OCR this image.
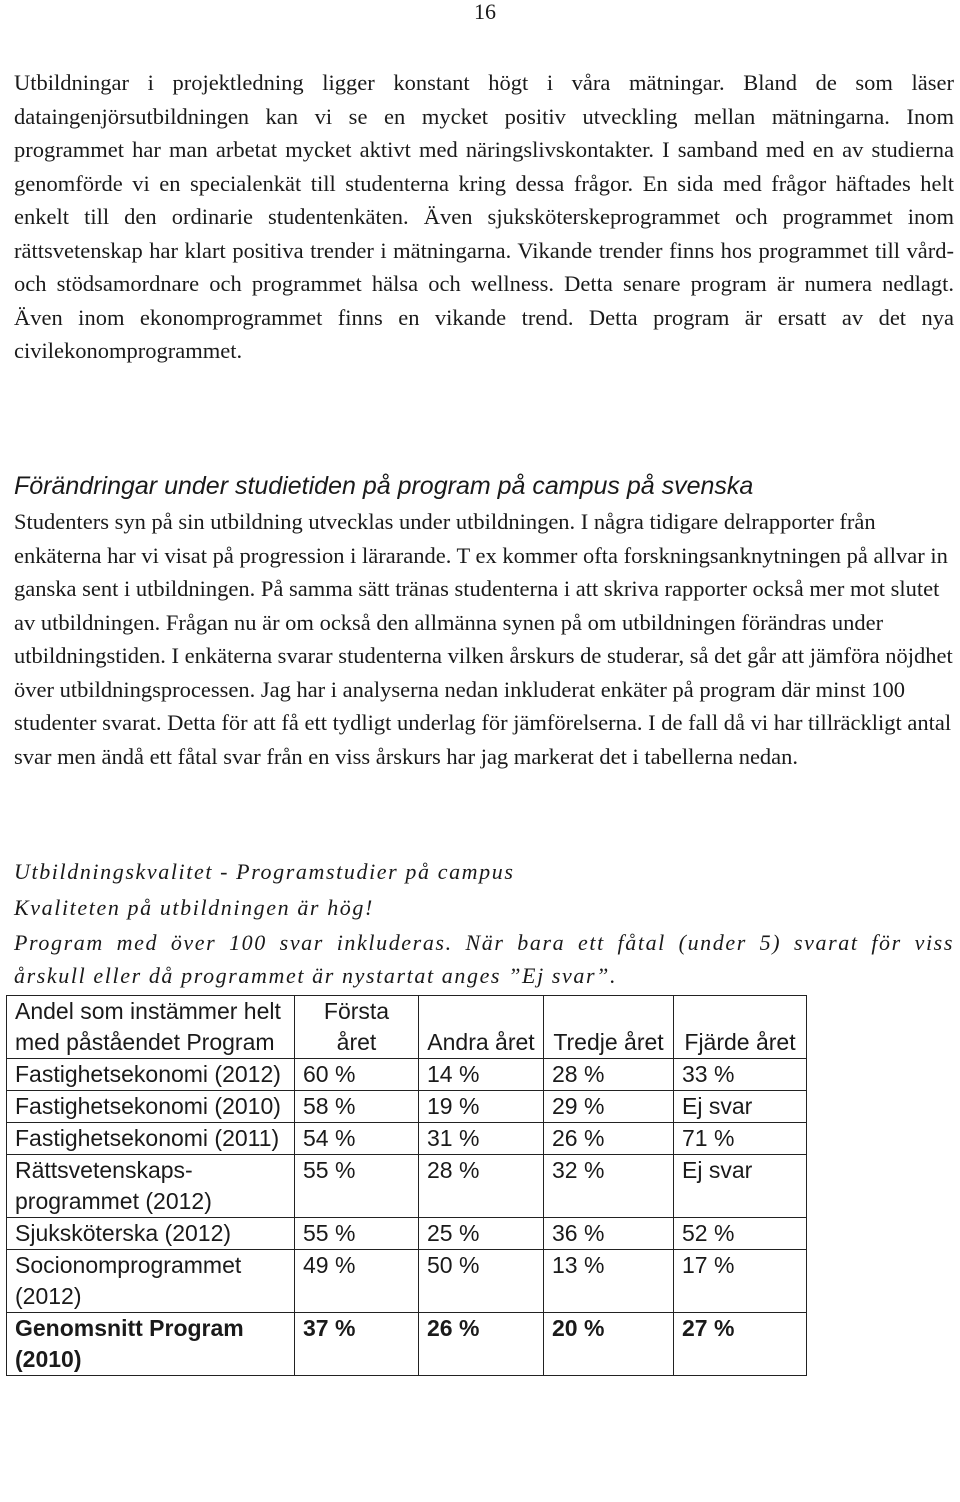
16

Utbildningar i projektledning ligger konstant högt i våra mätningar. Bland de som läser dataingenjörsutbildningen kan vi se en mycket positiv utveckling mellan mätningarna. Inom programmet har man arbetat mycket aktivt med näringslivskontakter. I samband med en av studierna genomförde vi en specialenkät till studenterna kring dessa frågor. En sida med frågor häftades helt enkelt till den ordinarie studentenkäten. Även sjuksköterskeprogrammet och programmet inom rättsvetenskap har klart positiva trender i mätningarna. Vikande trender finns hos programmet till vård- och stödsamordnare och programmet hälsa och wellness. Detta senare program är numera nedlagt. Även inom ekonomprogrammet finns en vikande trend. Detta program är ersatt av det nya civilekonomprogrammet.

Förändringar under studietiden på program på campus på svenska

Studenters syn på sin utbildning utvecklas under utbildningen. I några tidigare delrapporter från enkäterna har vi visat på progression i lärarande. T ex kommer ofta forskningsanknytningen på allvar in ganska sent i utbildningen. På samma sätt tränas studenterna i att skriva rapporter också mer mot slutet av utbildningen. Frågan nu är om också den allmänna synen på om utbildningen förändras under utbildningstiden. I enkäterna svarar studenterna vilken årskurs de studerar, så det går att jämföra nöjdhet över utbildningsprocessen. Jag har i analyserna nedan inkluderat enkäter på program där minst 100 studenter svarat. Detta för att få ett tydligt underlag för jämförelserna. I de fall då vi har tillräckligt antal svar men ändå ett fåtal svar från en viss årskurs har jag markerat det i tabellerna nedan.

Utbildningskvalitet - Programstudier på campus

Kvaliteten på utbildningen är hög!

Program med över 100 svar inkluderas. När bara ett fåtal (under 5) svarat för viss årskull eller då programmet är nystartat anges ”Ej svar”.

Andel som instämmer helt med påståendet Program	Första året	Andra året	Tredje året	Fjärde året
Fastighetsekonomi (2012)	60 %	14 %	28 %	33 %
Fastighetsekonomi (2010)	58 %	19 %	29 %	Ej svar
Fastighetsekonomi (2011)	54 %	31 %	26 %	71 %
Rättsvetenskaps-programmet (2012)	55 %	28 %	32 %	Ej svar
Sjuksköterska (2012)	55 %	25 %	36 %	52 %
Socionomprogrammet (2012)	49 %	50 %	13 %	17 %
Genomsnitt Program (2010)	37 %	26 %	20 %	27 %
